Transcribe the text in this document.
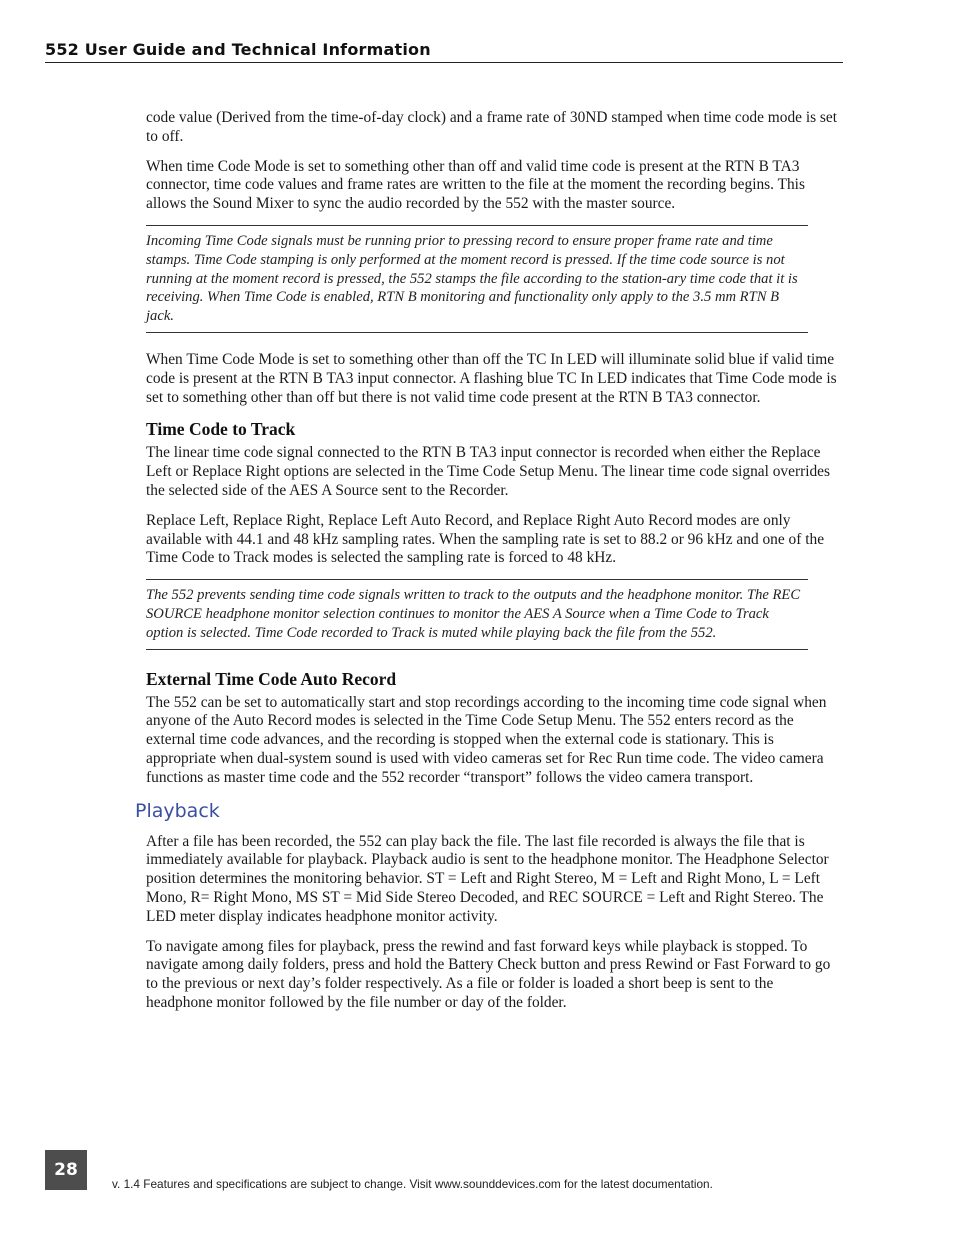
552 User Guide and Technical Information

code value (Derived from the time-of-day clock) and a frame rate of 30ND stamped when time code mode is set to off.

When time Code Mode is set to something other than off and valid time code is present at the RTN B TA3 connector, time code values and frame rates are written to the file at the moment the recording begins. This allows the Sound Mixer to sync the audio recorded by the 552 with the master source.

Incoming Time Code signals must be running prior to pressing record to ensure proper frame rate and time stamps. Time Code stamping is only performed at the moment record is pressed. If the time code source is not running at the moment record is pressed, the 552 stamps the file according to the station-ary time code that it is receiving. When Time Code is enabled, RTN B monitoring and functionality only apply to the 3.5 mm RTN B jack.

When Time Code Mode is set to something other than off the TC In LED will illuminate solid blue if valid time code is present at the RTN B TA3 input connector. A flashing blue TC In LED indicates that Time Code mode is set to something other than off but there is not valid time code present at the RTN B TA3 connector.

Time Code to Track

The linear time code signal connected to the RTN B TA3 input connector is recorded when either the Replace Left or Replace Right options are selected in the Time Code Setup Menu. The linear time code signal overrides the selected side of the AES A Source sent to the Recorder.

Replace Left, Replace Right, Replace Left Auto Record, and Replace Right Auto Record modes are only available with 44.1 and 48 kHz sampling rates. When the sampling rate is set to 88.2 or 96 kHz and one of the Time Code to Track modes is selected the sampling rate is forced to 48 kHz.

The 552 prevents sending time code signals written to track to the outputs and the headphone monitor. The REC SOURCE headphone monitor selection continues to monitor the AES A Source when a Time Code to Track option is selected. Time Code recorded to Track is muted while playing back the file from the 552.

External Time Code Auto Record

The 552 can be set to automatically start and stop recordings according to the incoming time code signal when anyone of the Auto Record modes is selected in the Time Code Setup Menu. The 552 enters record as the external time code advances, and the recording is stopped when the external code is stationary. This is appropriate when dual-system sound is used with video cameras set for Rec Run time code. The video camera functions as master time code and the 552 recorder “transport” follows the video camera transport.

Playback

After a file has been recorded, the 552 can play back the file. The last file recorded is always the file that is immediately available for playback. Playback audio is sent to the headphone monitor. The Headphone Selector position determines the monitoring behavior. ST = Left and Right Stereo, M = Left and Right Mono, L = Left Mono, R= Right Mono, MS ST = Mid Side Stereo Decoded, and REC SOURCE = Left and Right Stereo. The LED meter display indicates headphone monitor activity.

To navigate among files for playback, press the rewind and fast forward keys while playback is stopped. To navigate among daily folders, press and hold the Battery Check button and press Rewind or Fast Forward to go to the previous or next day’s folder respectively. As a file or folder is loaded a short beep is sent to the headphone monitor followed by the file number or day of the folder.

28
v. 1.4 Features and specifications are subject to change. Visit www.sounddevices.com for the latest documentation.
